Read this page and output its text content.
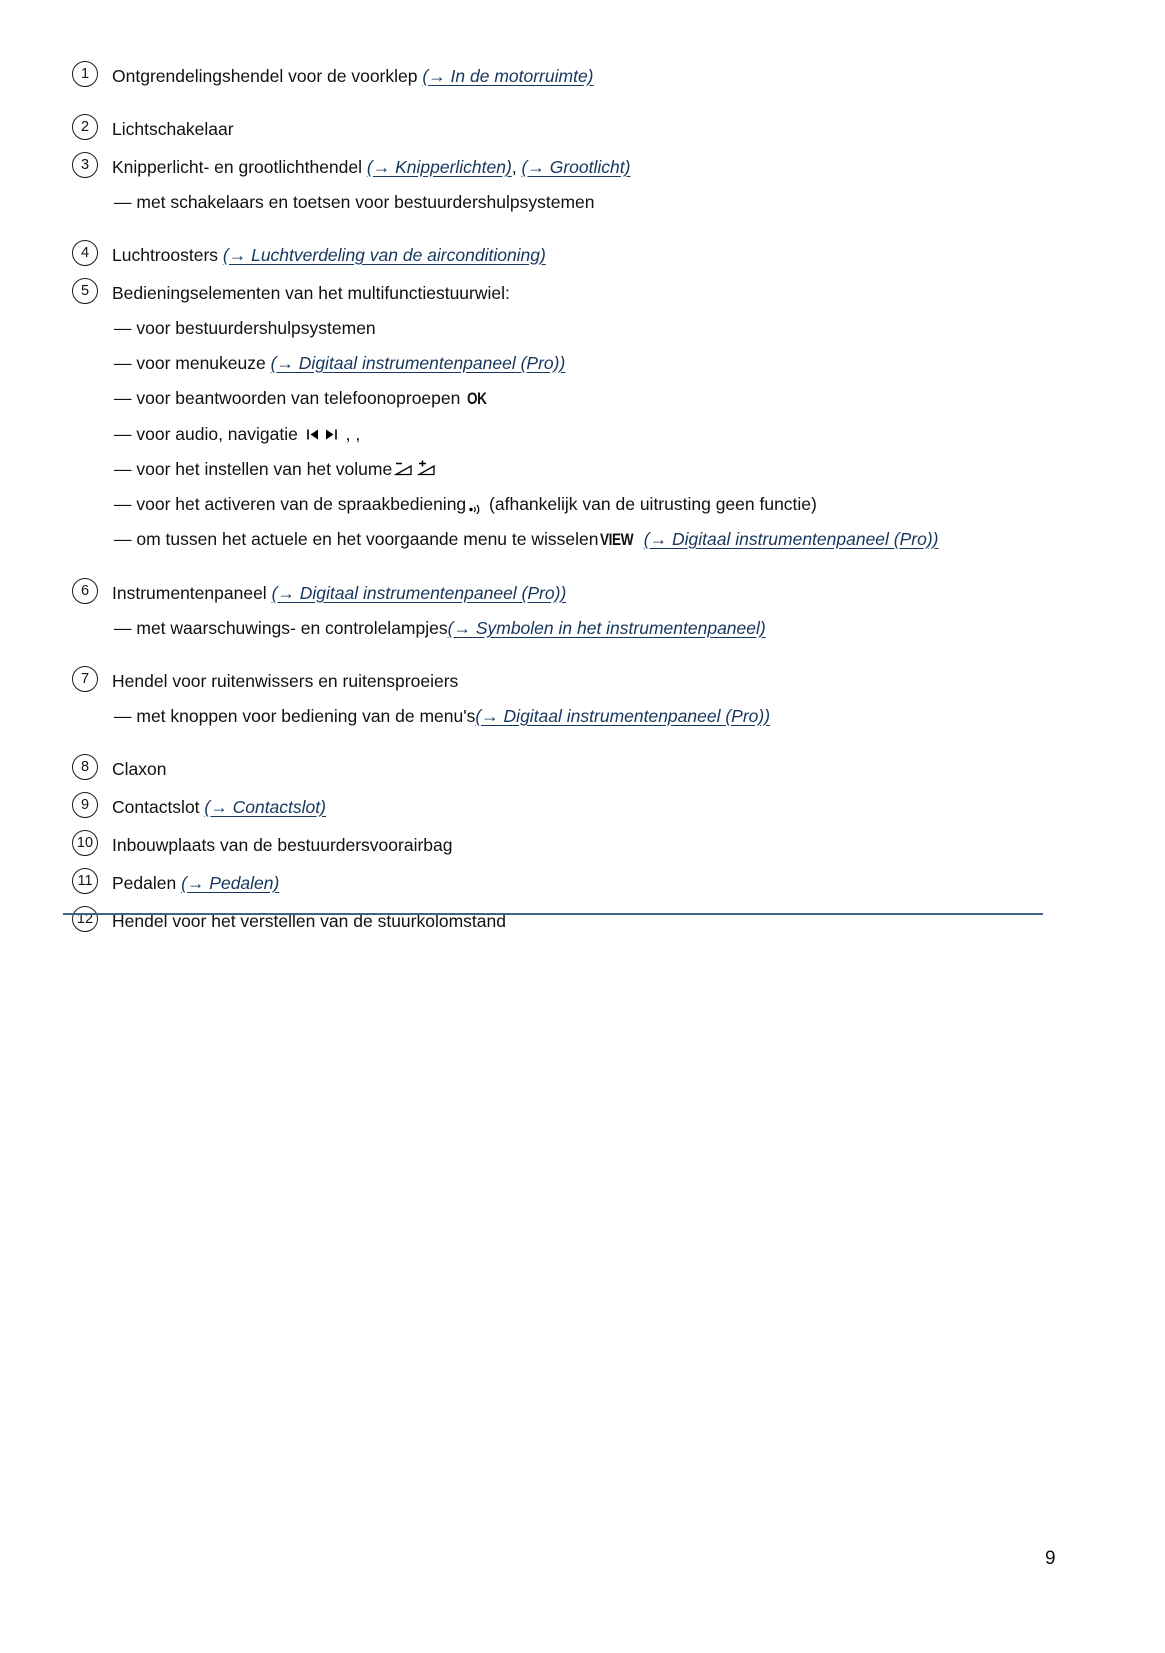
1	Ontgrendelingshendel voor de voorklep (→ In de motorruimte)
2	Lichtschakelaar
3	Knipperlicht- en grootlichthendel (→ Knipperlichten), (→ Grootlicht)
— met schakelaars en toetsen voor bestuurdershulpsystemen
4	Luchtroosters (→ Luchtverdeling van de airconditioning)
5	Bedieningselementen van het multifunctiestuurwiel:
— voor bestuurdershulpsystemen
— voor menukeuze (→ Digitaal instrumentenpaneel (Pro))
— voor beantwoorden van telefoonoproepen OK
— voor audio, navigatie  , ,
— voor het instellen van het volume
— voor het activeren van de spraakbediening (afhankelijk van de uitrusting geen functie)
— om tussen het actuele en het voorgaande menu te wisselen VIEW (→ Digitaal instrumentenpaneel (Pro))
6	Instrumentenpaneel (→ Digitaal instrumentenpaneel (Pro))
— met waarschuwings- en controlelampjes(→ Symbolen in het instrumentenpaneel)
7	Hendel voor ruitenwissers en ruitensproeiers
— met knoppen voor bediening van de menu's(→ Digitaal instrumentenpaneel (Pro))
8	Claxon
9	Contactslot (→ Contactslot)
10 Inbouwplaats van de bestuurdersvoorairbag
11	Pedalen (→ Pedalen)
12 Hendel voor het verstellen van de stuurkolomstand
9
